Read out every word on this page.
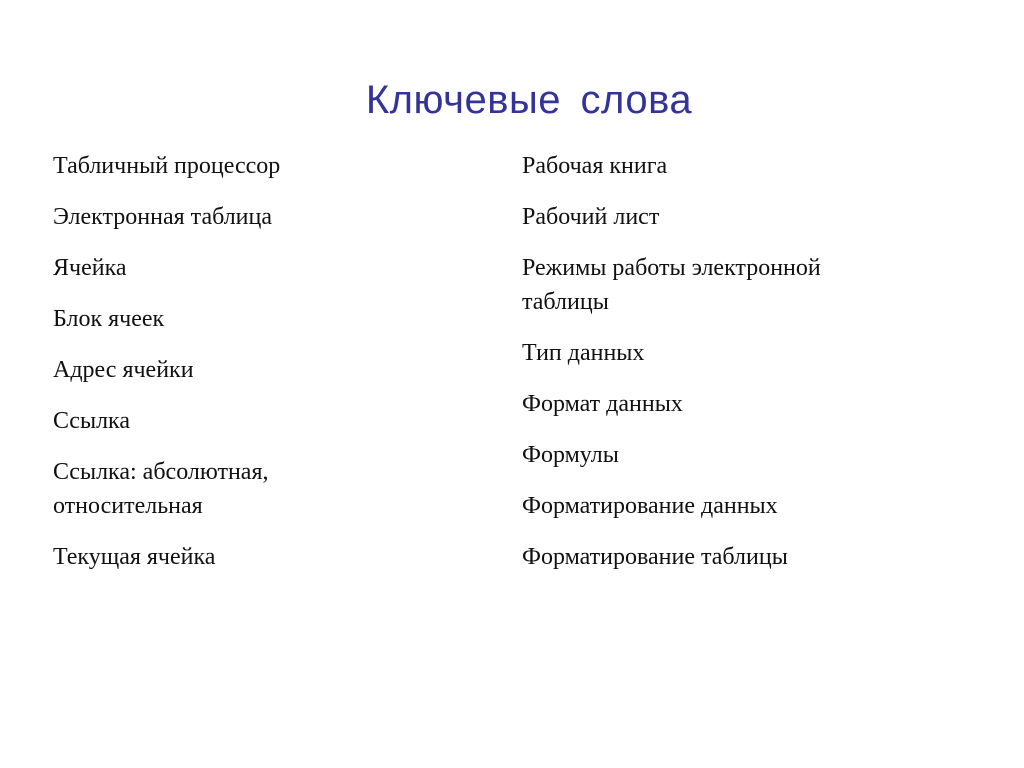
Ключевые слова
Табличный процессор
Электронная таблица
Ячейка
Блок ячеек
Адрес ячейки
Ссылка
Ссылка: абсолютная, относительная
Текущая ячейка
Рабочая книга
Рабочий лист
Режимы работы электронной таблицы
Тип данных
Формат данных
Формулы
Форматирование данных
Форматирование таблицы
